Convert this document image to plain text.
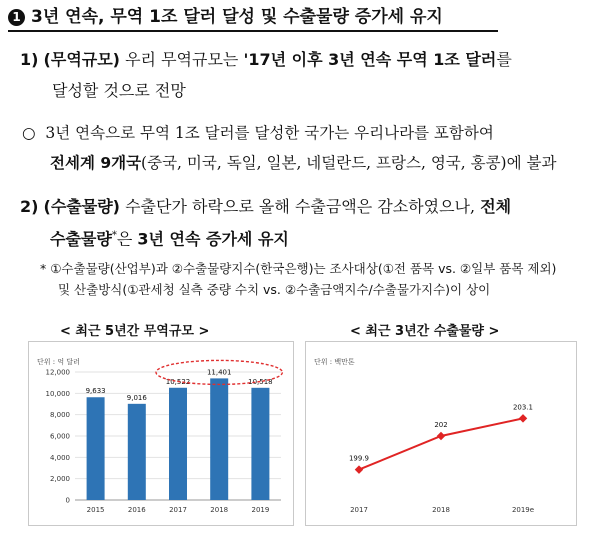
1 3년 연속, 무역 1조 달러 달성 및 수출물량 증가세 유지
1) (무역규모) 우리 무역규모는 '17년 이후 3년 연속 무역 1조 달러를
달성할 것으로 전망
○ 3년 연속으로 무역 1조 달러를 달성한 국가는 우리나라를 포함하여
전세계 9개국(중국, 미국, 독일, 일본, 네덜란드, 프랑스, 영국, 홍콩)에 불과
2) (수출물량) 수출단가 하락으로 올해 수출금액은 감소하였으나, 전체
수출물량*은 3년 연속 증가세 유지
* ①수출물량(산업부)과 ②수출물량지수(한국은행)는 조사대상(①전 품목 vs. ②일부 품목 제외)
및 산출방식(①관세청 실측 중량 수치 vs. ②수출금액지수/수출물가지수)이 상이
< 최근 5년간 무역규모 >	< 최근 3년간 수출물량 >
단위 : 억 달러
0
2,000
4,000
6,000
8,000
10,000
12,000
9,633
2015
9,016
2016
10,522
2017
11,401
2018
10,518
2019
단위 : 백만톤
199.9
2017
202
2018
203.1
2019e
